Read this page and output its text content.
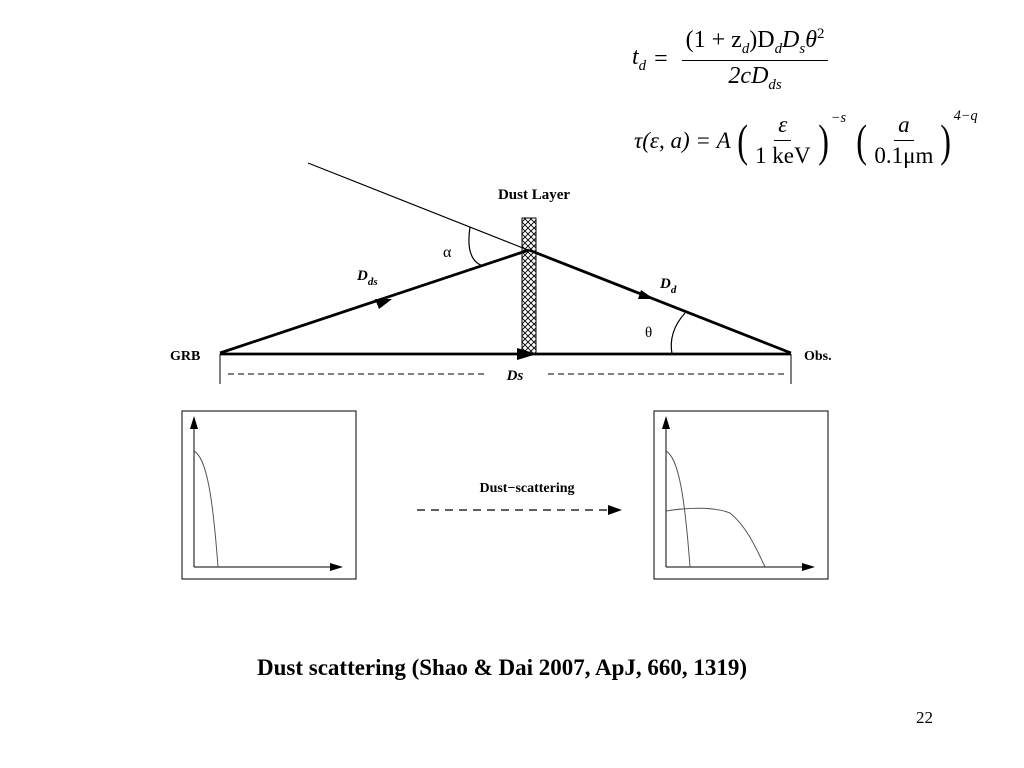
$t_d = \frac{(1 + z_d)D_dD_s\theta^2}{2cD_{ds}}$
τ(ε, a) = A ( $\frac{\varepsilon}{\text{1 keV}} )^{-s}$ ( $\frac{a}{0.1\mu m} )^{4-q}$
Dust Layer
α
θ
$D_{ds}$	$D_d$
GRB	Obs.
Ds
Dust−scattering
Dust scattering (Shao & Dai 2007, ApJ, 660, 1319)
22
